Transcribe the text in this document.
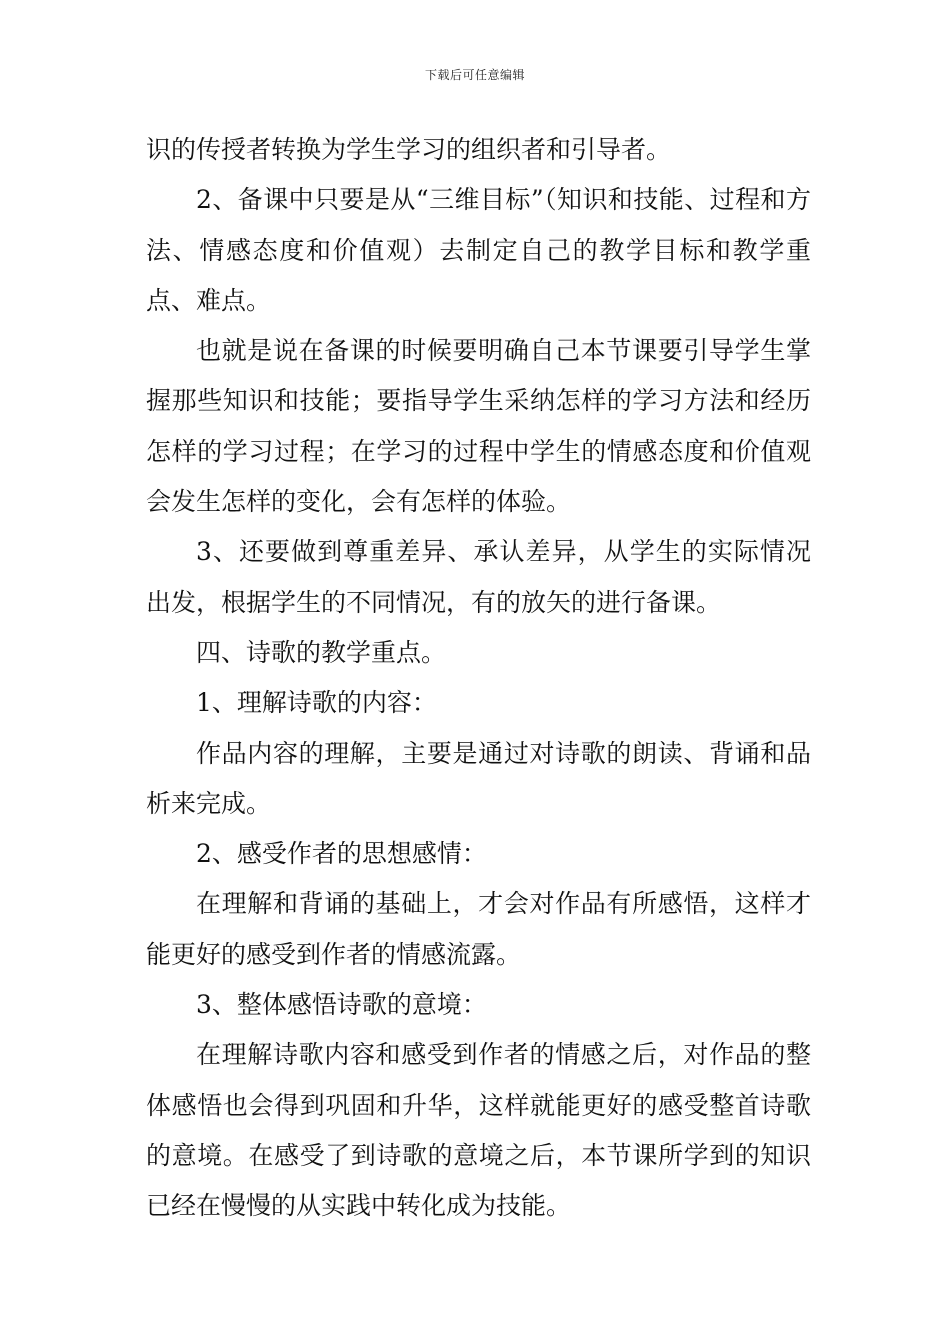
下载后可任意编辑

识的传授者转换为学生学习的组织者和引导者。

2、备课中只要是从“三维目标”（知识和技能、过程和方法、情感态度和价值观）去制定自己的教学目标和教学重点、难点。

也就是说在备课的时候要明确自己本节课要引导学生掌握那些知识和技能；要指导学生采纳怎样的学习方法和经历怎样的学习过程；在学习的过程中学生的情感态度和价值观会发生怎样的变化，会有怎样的体验。

3、还要做到尊重差异、承认差异，从学生的实际情况出发，根据学生的不同情况，有的放矢的进行备课。

四、诗歌的教学重点。

1、理解诗歌的内容：

作品内容的理解，主要是通过对诗歌的朗读、背诵和品析来完成。

2、感受作者的思想感情：

在理解和背诵的基础上，才会对作品有所感悟，这样才能更好的感受到作者的情感流露。

3、整体感悟诗歌的意境：

在理解诗歌内容和感受到作者的情感之后，对作品的整体感悟也会得到巩固和升华，这样就能更好的感受整首诗歌的意境。在感受了到诗歌的意境之后，本节课所学到的知识已经在慢慢的从实践中转化成为技能。
